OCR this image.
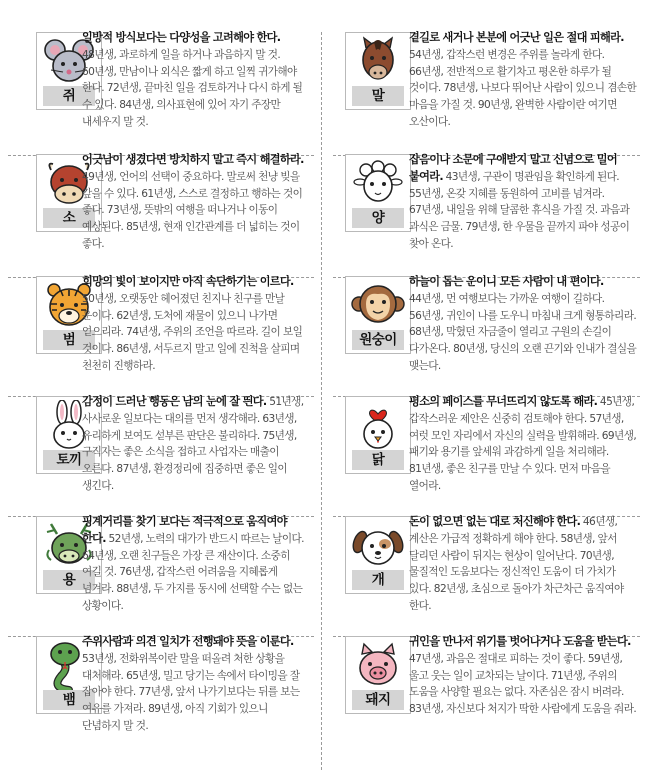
쥐
일방적 방식보다는 다양성을 고려해야 한다. 48년생, 과로하게 일을 하거나 과음하지 말 것. 60년생, 만남이나 외식은 짧게 하고 일찍 귀가해야 한다. 72년생, 끝마친 일을 검토하거나 다시 하게 될 수 있다. 84년생, 의사표현에 있어 자기 주장만 내세우지 말 것.
소
어긋남이 생겼다면 방치하지 말고 즉시 해결하라. 49년생, 언어의 선택이 중요하다. 말로써 천냥 빚을 갚을 수 있다. 61년생, 스스로 결정하고 행하는 것이 좋다. 73년생, 뜻밖의 여행을 떠나거나 이동이 예상된다. 85년생, 현재 인간관계를 더 넓히는 것이 좋다.
범
희망의 빛이 보이지만 아직 속단하기는 이르다. 50년생, 오랫동안 헤어졌던 친지나 친구를 만날 운이다. 62년생, 도처에 재물이 있으니 나가면 얻으리라. 74년생, 주위의 조언을 따르라. 길이 보일 것이다. 86년생, 서두르지 말고 일에 진척을 살피며 천천히 진행하라.
토끼
감정이 드러난 행동은 남의 눈에 잘 띈다. 51년생, 사사로운 일보다는 대의를 먼저 생각해라. 63년생, 유리하게 보여도 섣부른 판단은 불리하다. 75년생, 구직자는 좋은 소식을 접하고 사업자는 매출이 오른다. 87년생, 환경정리에 집중하면 좋은 일이 생긴다.
용
핑계거리를 찾기 보다는 적극적으로 움직여야 한다. 52년생, 노력의 대가가 반드시 따르는 날이다. 64년생, 오랜 친구들은 가장 큰 재산이다. 소중히 여길 것. 76년생, 갑작스런 어려움을 지혜롭게 넘겨라. 88년생, 두 가지를 동시에 선택할 수는 없는 상황이다.
뱀
주위사람과 의견 일치가 선행돼야 뜻을 이룬다. 53년생, 전화위복이란 말을 떠올려 처한 상황을 대처해라. 65년생, 밀고 당기는 속에서 타이밍을 잘 잡아야 한다. 77년생, 앞서 나가기보다는 뒤를 보는 여유를 가져라. 89년생, 아직 기회가 있으니 단념하지 말 것.
말
곁길로 새거나 본분에 어긋난 일은 절대 피해라. 54년생, 갑작스런 변경은 주위를 놀라게 한다. 66년생, 전반적으로 활기차고 평온한 하루가 될 것이다. 78년생, 나보다 뛰어난 사람이 있으니 겸손한 마음을 가질 것. 90년생, 완벽한 사람이란 여기면 오산이다.
양
잡음이나 소문에 구애받지 말고 신념으로 밀어 붙여라. 43년생, 구관이 명관임을 확인하게 된다. 55년생, 온갖 지혜를 동원하여 고비를 넘겨라. 67년생, 내일을 위해 달콤한 휴식을 가질 것. 과음과 과식은 금물. 79년생, 한 우물을 끝까지 파야 성공이 찾아 온다.
원숭이
하늘이 돕는 운이니 모든 사람이 내 편이다. 44년생, 먼 여행보다는 가까운 여행이 길하다. 56년생, 귀인이 나를 도우니 마침내 크게 형통하리라. 68년생, 막혔던 자금줄이 열리고 구원의 손길이 다가온다. 80년생, 당신의 오랜 끈기와 인내가 결실을 맺는다.
닭
평소의 페이스를 무너뜨리지 않도록 해라. 45년생, 갑작스러운 제안은 신중히 검토해야 한다. 57년생, 여럿 모인 자리에서 자신의 실력을 발휘해라. 69년생, 패기와 용기를 앞세워 과감하게 일을 처리해라. 81년생, 좋은 친구를 만날 수 있다. 먼저 마음을 열어라.
개
돈이 없으면 없는 대로 처신해야 한다. 46년생, 계산은 가급적 정확하게 해야 한다. 58년생, 앞서 달리던 사람이 뒤지는 현상이 일어난다. 70년생, 물질적인 도움보다는 정신적인 도움이 더 가치가 있다. 82년생, 초심으로 돌아가 차근차근 움직여야 한다.
돼지
귀인을 만나서 위기를 벗어나거나 도움을 받는다. 47년생, 과음은 절대로 피하는 것이 좋다. 59년생, 울고 웃는 일이 교차되는 날이다. 71년생, 주위의 도움을 사양할 필요는 없다. 자존심은 잠시 버려라. 83년생, 자신보다 처지가 딱한 사람에게 도움을 줘라.
